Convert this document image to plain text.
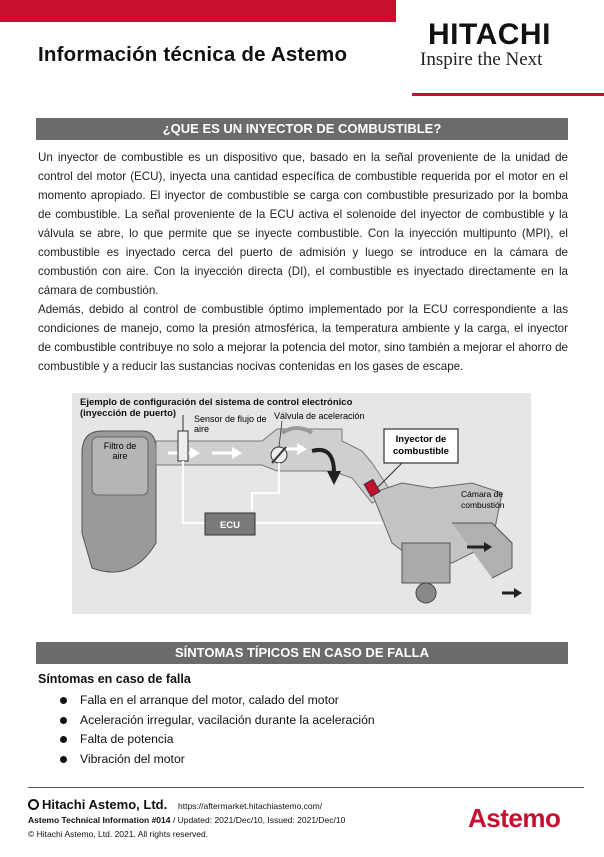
Información técnica de Astemo
HITACHI
Inspire the Next
¿QUE ES UN INYECTOR DE COMBUSTIBLE?

Un inyector de combustible es un dispositivo que, basado en la señal proveniente de la unidad de control del motor (ECU), inyecta una cantidad específica de combustible requerida por el motor en el momento apropiado. El inyector de combustible se carga con combustible presurizado por la bomba de combustible. La señal proveniente de la ECU activa el solenoide del inyector de combustible y la válvula se abre, lo que permite que se inyecte combustible. Con la inyección multipunto (MPI), el combustible es inyectado cerca del puerto de admisión y luego se introduce en la cámara de combustión con aire. Con la inyección directa (DI), el combustible es inyectado directamente en la cámara de combustión.

Además, debido al control de combustible óptimo implementado por la ECU correspondiente a las condiciones de manejo, como la presión atmosférica, la temperatura ambiente y la carga, el inyector de combustible contribuye no solo a mejorar la potencia del motor, sino también a mejorar el ahorro de combustible y a reducir las sustancias nocivas contenidas en los gases de escape.

Ejemplo de configuración del sistema de control electrónico
(inyección de puerto)
ECU
Inyector de
combustible
Filtro de
aire
Sensor de flujo de
aire
Válvula de aceleración
Cámara de
combustión
SÍNTOMAS TÍPICOS EN CASO DE FALLA
Síntomas en caso de falla
Falla en el arranque del motor, calado del motor
Aceleración irregular, vacilación durante la aceleración
Falta de potencia
Vibración del motor
Hitachi Astemo, Ltd. https://aftermarket.hitachiastemo.com/
Astemo Technical Information #014 / Updated: 2021/Dec/10, Issued: 2021/Dec/10
© Hitachi Astemo, Ltd. 2021. All rights reserved.
Astemo
